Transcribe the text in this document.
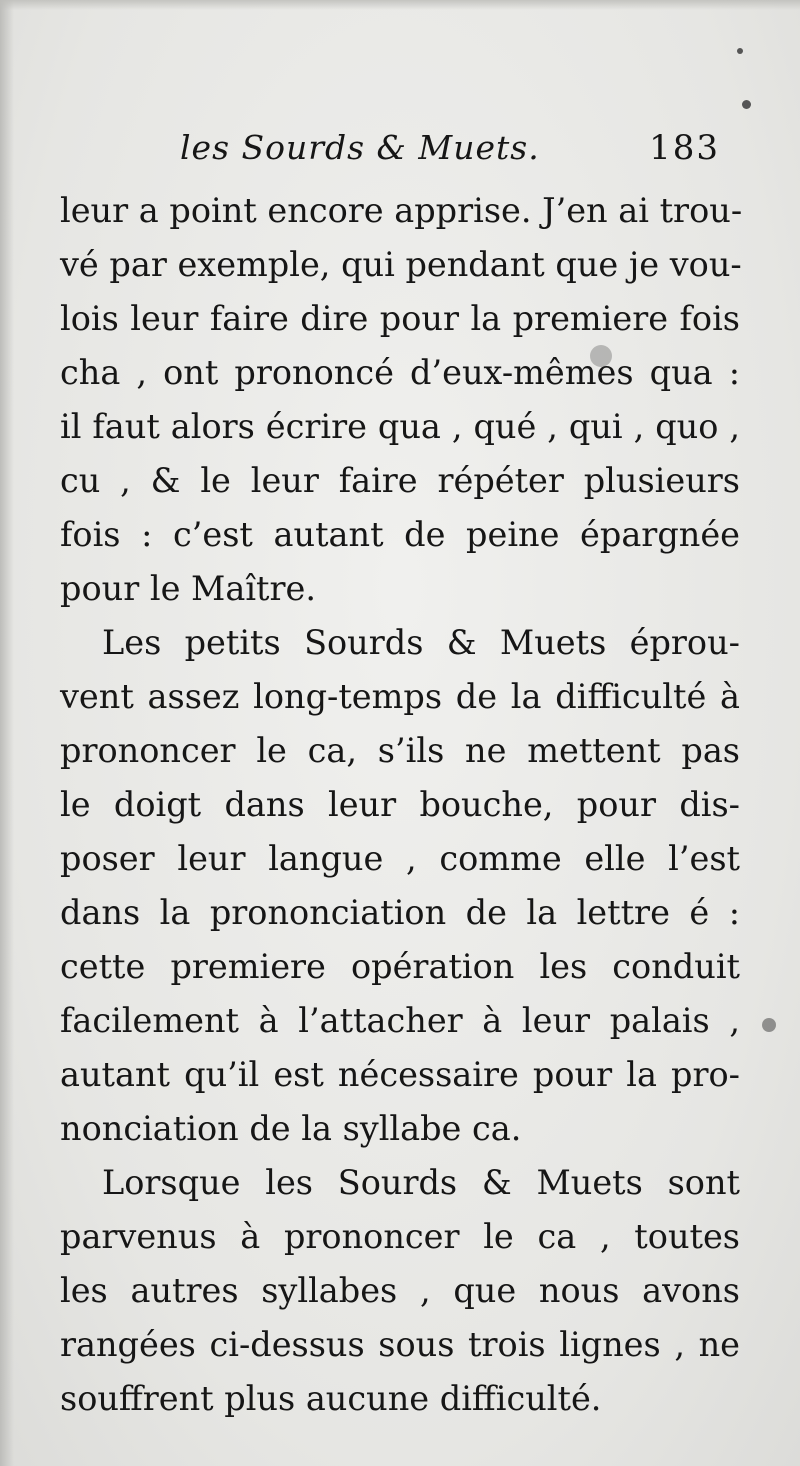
les Sourds & Muets.	183
leur a point encore apprise. J’en ai trou-
vé par exemple, qui pendant que je vou-
lois leur faire dire pour la premiere fois
cha , ont prononcé d’eux-mêmes qua :
il faut alors écrire qua , qué , qui , quo ,
cu , & le leur faire répéter plusieurs
fois : c’est autant de peine épargnée
pour le Maître.
Les petits Sourds & Muets éprou-
vent assez long-temps de la difficulté à
prononcer le ca, s’ils ne mettent pas
le doigt dans leur bouche, pour dis-
poser leur langue , comme elle l’est
dans la prononciation de la lettre é :
cette premiere opération les conduit
facilement à l’attacher à leur palais ,
autant qu’il est nécessaire pour la pro-
nonciation de la syllabe ca.
Lorsque les Sourds & Muets sont
parvenus à prononcer le ca , toutes
les autres syllabes , que nous avons
rangées ci-dessus sous trois lignes , ne
souffrent plus aucune difficulté.
